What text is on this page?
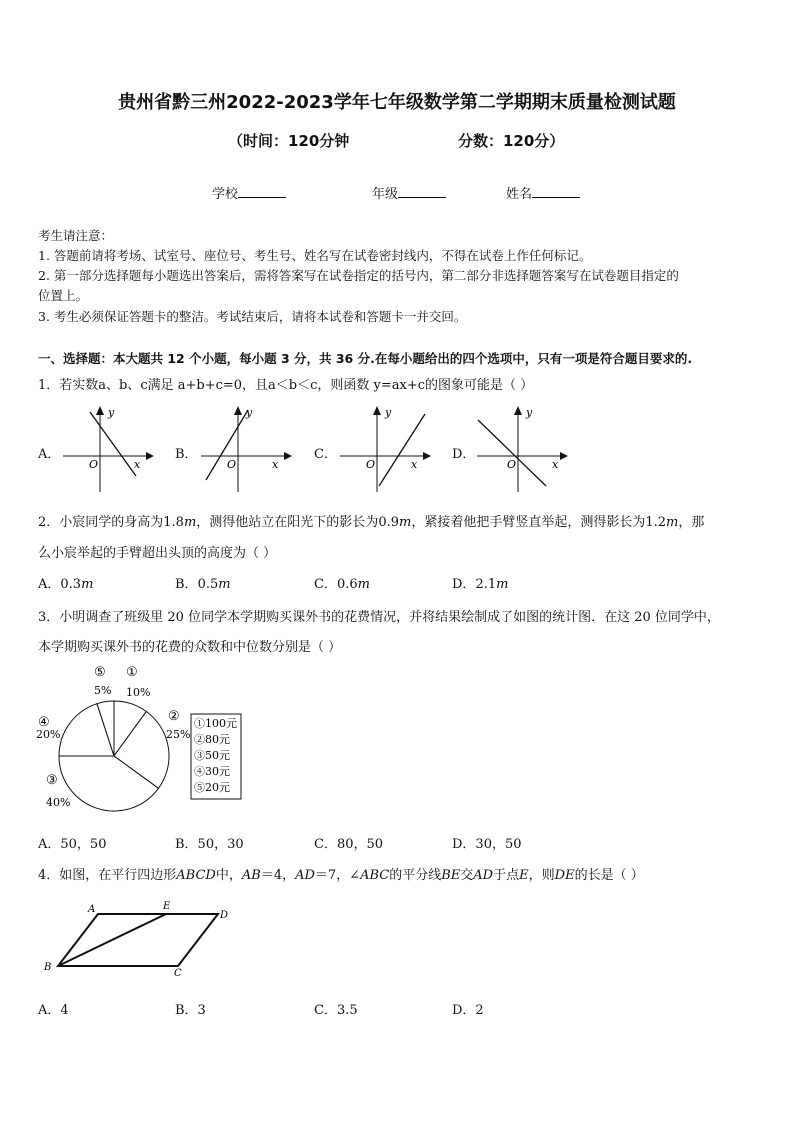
贵州省黔三州2022-2023学年七年级数学第二学期期末质量检测试题
（时间：120分钟	分数：120分）
学校	年级	姓名
考生请注意：
1. 答题前请将考场、试室号、座位号、考生号、姓名写在试卷密封线内，不得在试卷上作任何标记。
2. 第一部分选择题每小题选出答案后，需将答案写在试卷指定的括号内，第二部分非选择题答案写在试卷题目指定的
位置上。
3. 考生必须保证答题卡的整洁。考试结束后，请将本试卷和答题卡一并交回。
一、选择题：本大题共 12 个小题，每小题 3 分，共 36 分.在每小题给出的四个选项中，只有一项是符合题目要求的.
1．若实数a、b、c满足 a+b+c=0，且a＜b＜c，则函数 y=ax+c的图象可能是（ ）
A．	B．	C．	D．
y
O	x
y
O	x
y
O	x
y
O	x
2．小宸同学的身高为1.8m，测得他站立在阳光下的影长为0.9m，紧接着他把手臂竖直举起，测得影长为1.2m，那
么小宸举起的手臂超出头顶的高度为（ ）
A．0.3m	B．0.5m	C．0.6m	D．2.1m
3．小明调查了班级里 20 位同学本学期购买课外书的花费情况，并将结果绘制成了如图的统计图．在这 20 位同学中，
本学期购买课外书的花费的众数和中位数分别是（ ）
①
10%
②
25%
③
40%
④
20%
⑤
5%
①100元
②80元
③50元
④30元
⑤20元
A．50，50	B．50，30	C．80，50	D．30，50
4．如图，在平行四边形ABCD中，AB＝4，AD＝7，∠ABC的平分线BE交AD于点E，则DE的长是（ ）
A	E
D
B
C
A．4	B．3	C．3.5	D．2
